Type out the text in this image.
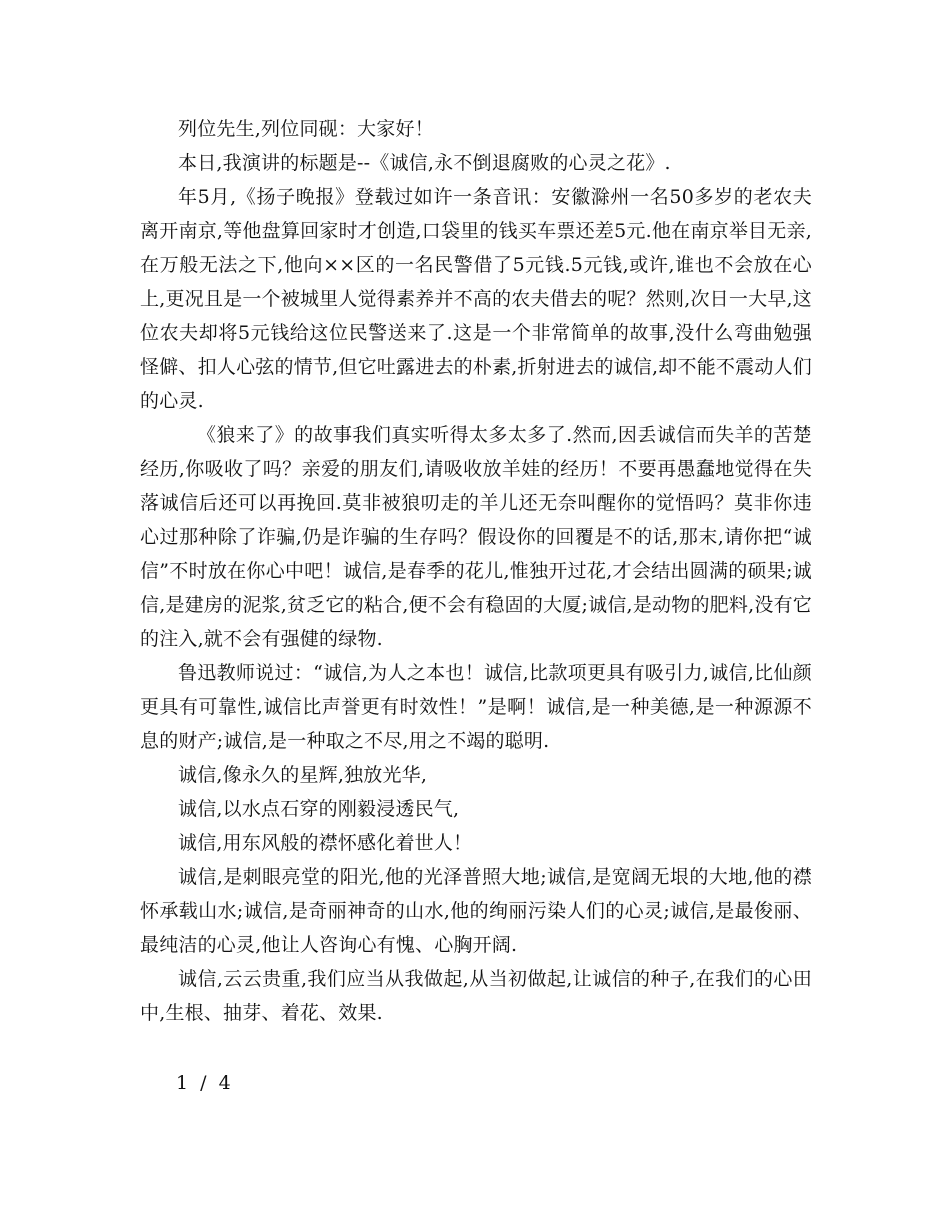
列位先生,列位同砚：大家好！

本日,我演讲的标题是--《诚信,永不倒退腐败的心灵之花》.

年5月,《扬子晚报》登载过如许一条音讯：安徽滁州一名50多岁的老农夫离开南京,等他盘算回家时才创造,口袋里的钱买车票还差5元.他在南京举目无亲,在万般无法之下,他向××区的一名民警借了5元钱.5元钱,或许,谁也不会放在心上,更况且是一个被城里人觉得素养并不高的农夫借去的呢？然则,次日一大早,这位农夫却将5元钱给这位民警送来了.这是一个非常简单的故事,没什么弯曲勉强怪僻、扣人心弦的情节,但它吐露进去的朴素,折射进去的诚信,却不能不震动人们的心灵.

《狼来了》的故事我们真实听得太多太多了.然而,因丢诚信而失羊的苦楚经历,你吸收了吗？亲爱的朋友们,请吸收放羊娃的经历！不要再愚蠢地觉得在失落诚信后还可以再挽回.莫非被狼叨走的羊儿还无奈叫醒你的觉悟吗？莫非你违心过那种除了诈骗,仍是诈骗的生存吗？假设你的回覆是不的话,那末,请你把“诚信”不时放在你心中吧！诚信,是春季的花儿,惟独开过花,才会结出圆满的硕果;诚信,是建房的泥浆,贫乏它的粘合,便不会有稳固的大厦;诚信,是动物的肥料,没有它的注入,就不会有强健的绿物.

鲁迅教师说过：“诚信,为人之本也！诚信,比款项更具有吸引力,诚信,比仙颜更具有可靠性,诚信比声誉更有时效性！”是啊！诚信,是一种美德,是一种源源不息的财产;诚信,是一种取之不尽,用之不竭的聪明.

诚信,像永久的星辉,独放光华,

诚信,以水点石穿的刚毅浸透民气,

诚信,用东风般的襟怀感化着世人！

诚信,是刺眼亮堂的阳光,他的光泽普照大地;诚信,是宽阔无垠的大地,他的襟怀承载山水;诚信,是奇丽神奇的山水,他的绚丽污染人们的心灵;诚信,是最俊丽、最纯洁的心灵,他让人咨询心有愧、心胸开阔.

诚信,云云贵重,我们应当从我做起,从当初做起,让诚信的种子,在我们的心田中,生根、抽芽、着花、效果.

1 / 4
